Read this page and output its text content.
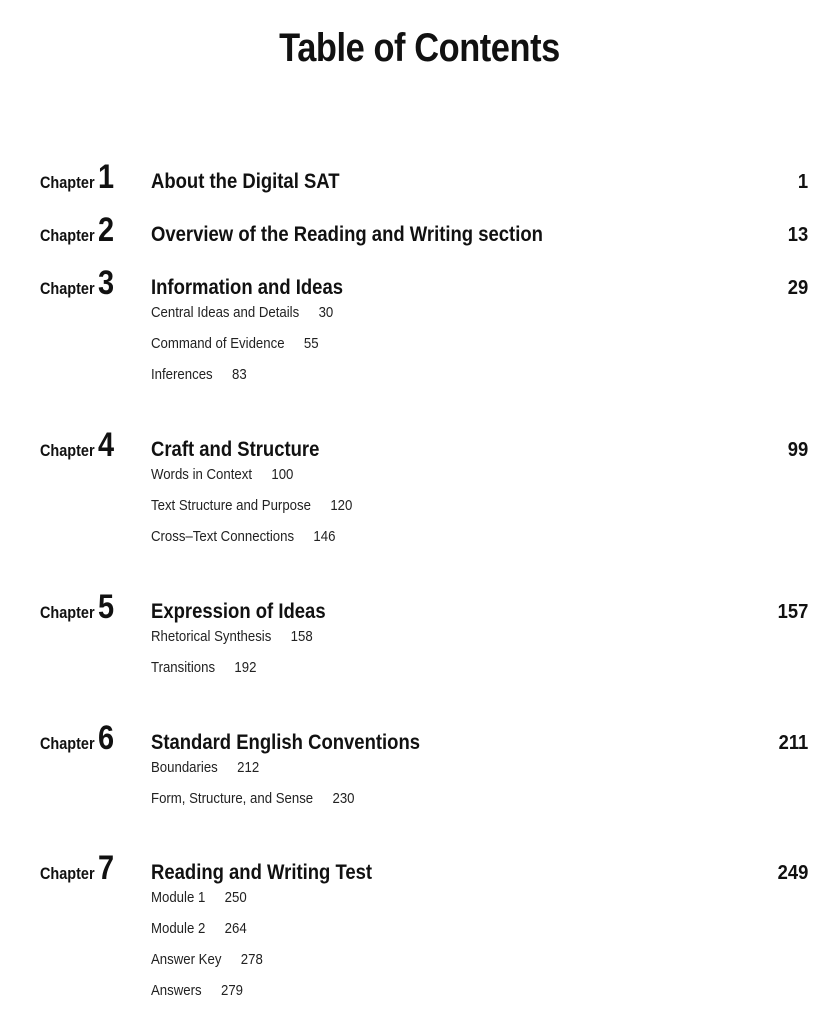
Table of Contents
Chapter 1 About the Digital SAT	1
Chapter 2 Overview of the Reading and Writing section	13
Chapter 3 Information and Ideas	29
Central Ideas and Details 30
Command of Evidence 55
Inferences 83
Chapter 4 Craft and Structure	99
Words in Context 100
Text Structure and Purpose 120
Cross–Text Connections 146
Chapter 5 Expression of Ideas	157
Rhetorical Synthesis 158
Transitions 192
Chapter 6 Standard English Conventions	211
Boundaries 212
Form, Structure, and Sense 230
Chapter 7 Reading and Writing Test	249
Module 1 250
Module 2 264
Answer Key 278
Answers 279
